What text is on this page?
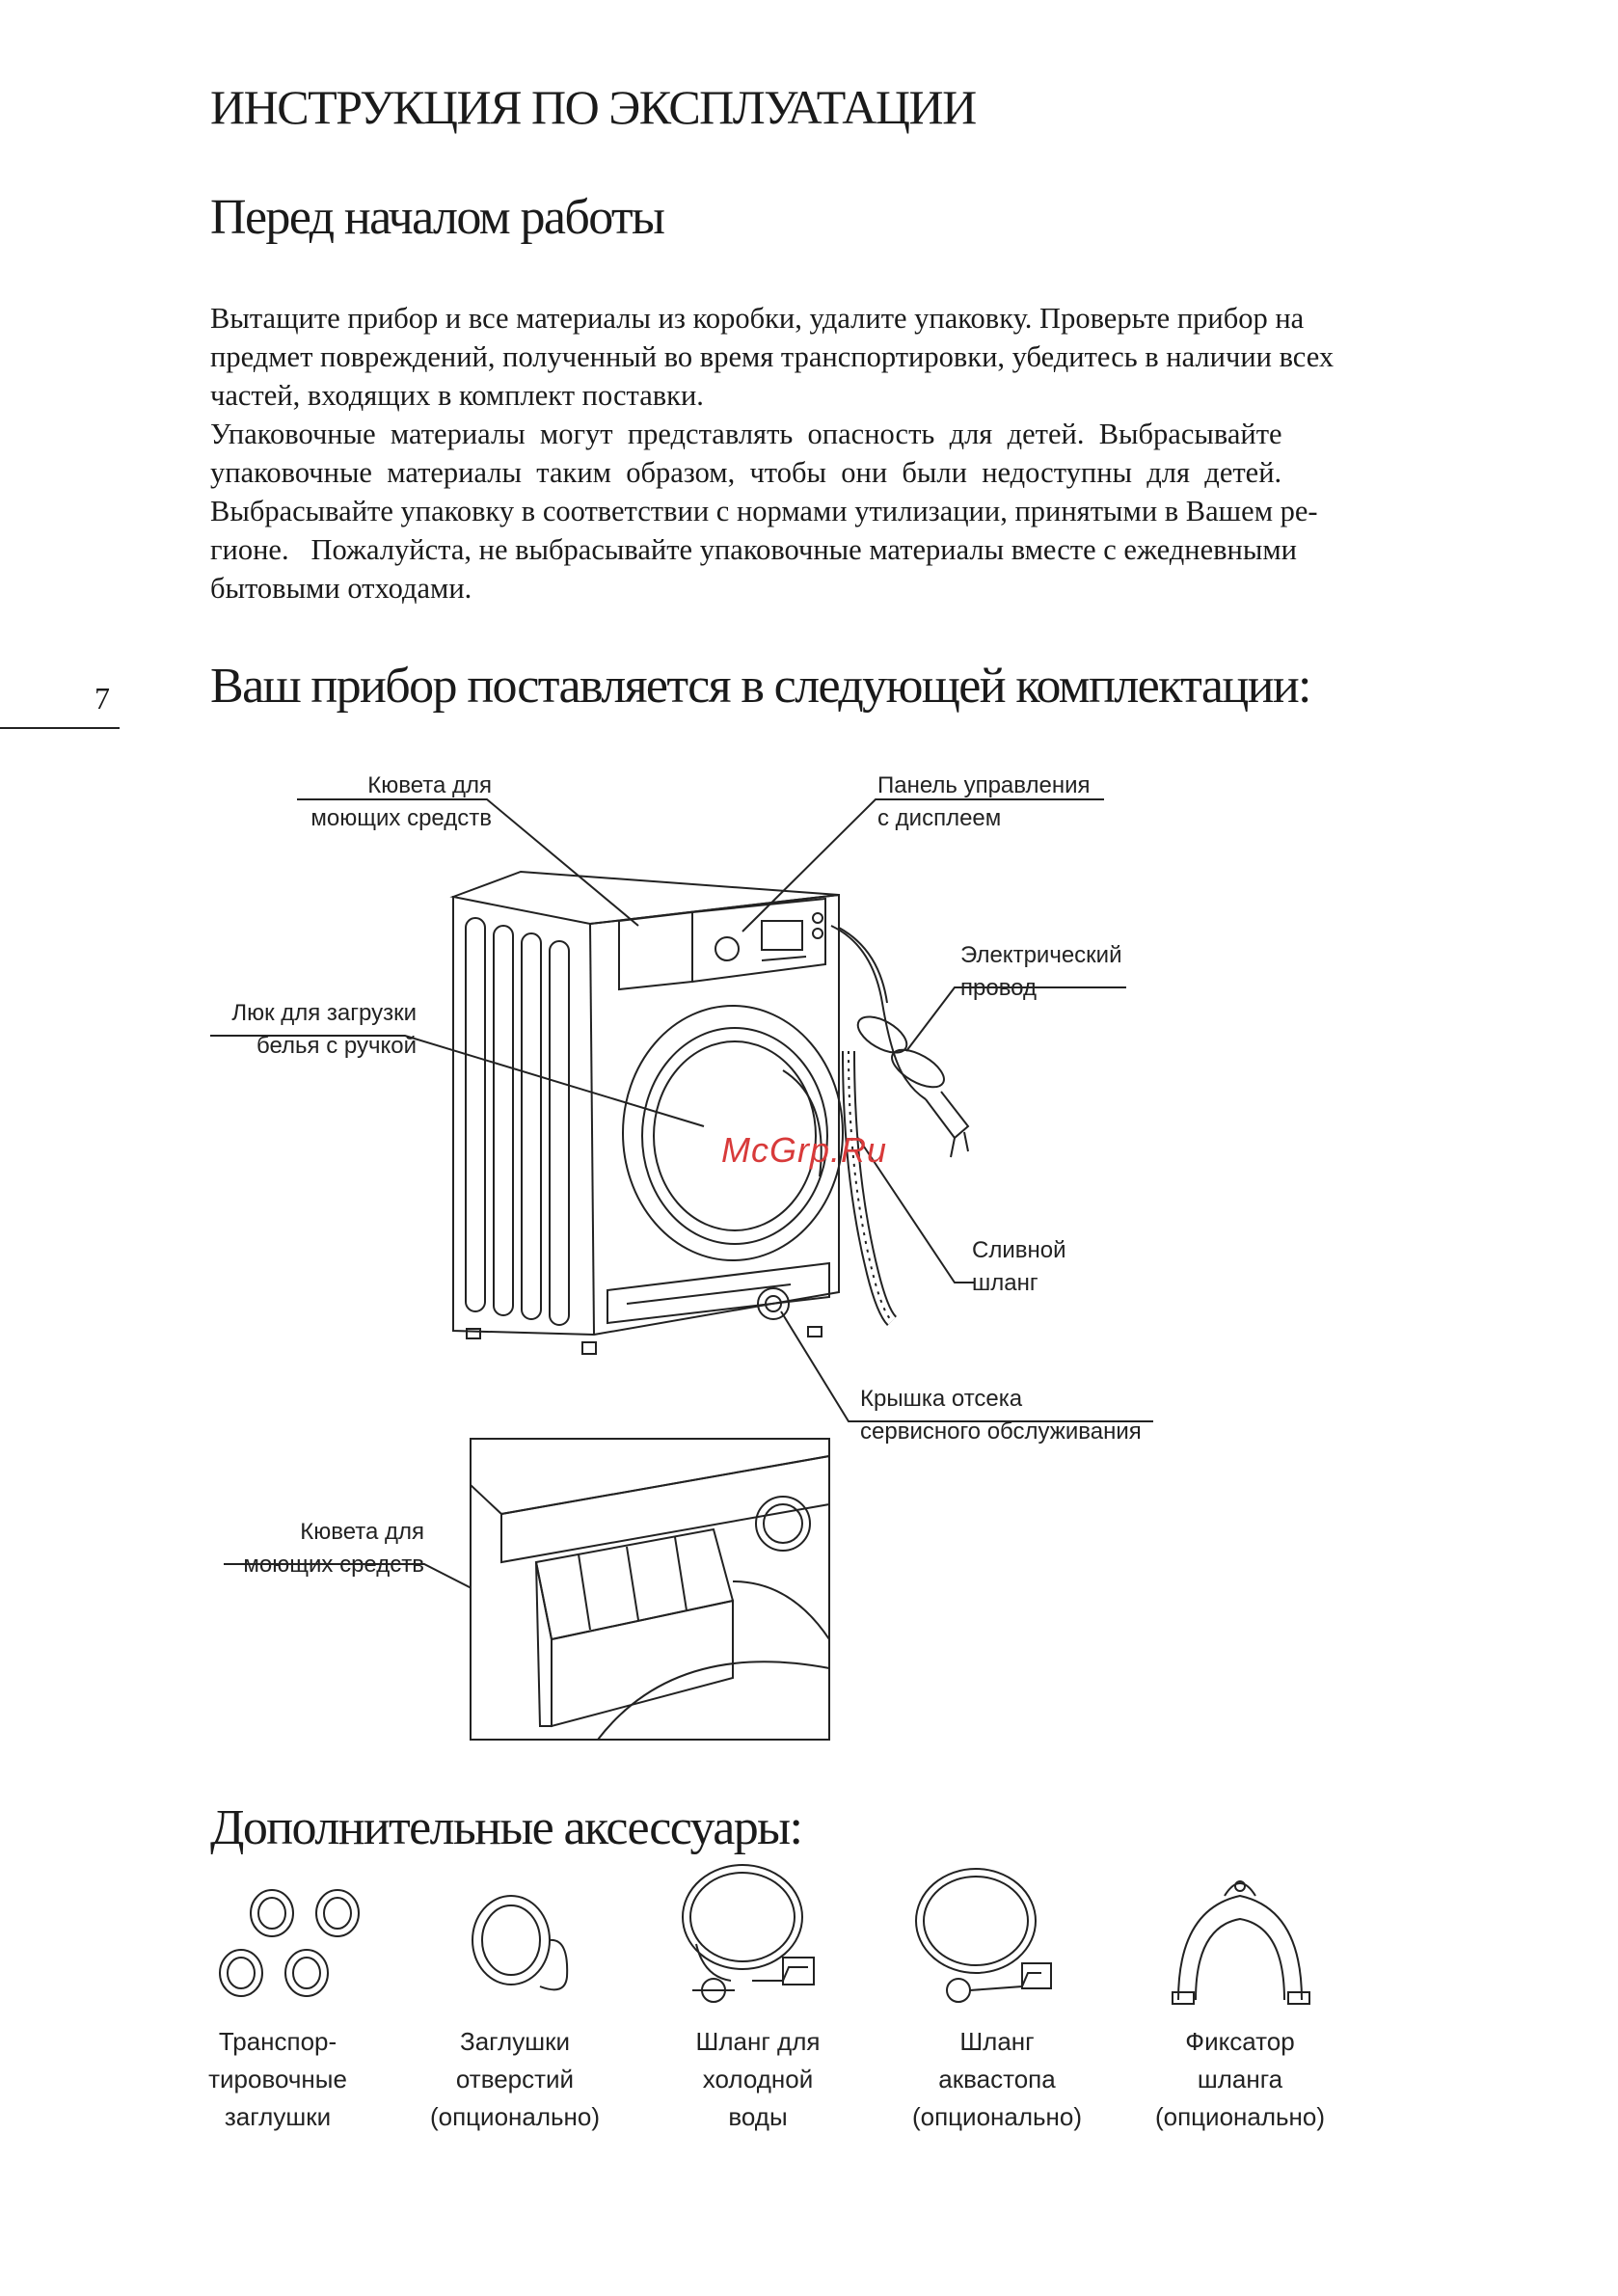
ИНСТРУКЦИЯ ПО ЭКСПЛУАТАЦИИ
Перед началом работы

Вытащите прибор и все материалы из коробки, удалите упаковку. Проверьте прибор на

предмет повреждений, полученный во время транспортировки, убедитесь в наличии всех

частей, входящих в комплект поставки.

Упаковочные  материалы  могут  представлять  опасность  для  детей.  Выбрасывайте

упаковочные  материалы  таким  образом,  чтобы  они  были  недоступны  для  детей.

Выбрасывайте упаковку в соответствии с нормами утилизации, принятыми в Вашем ре-

гионе.   Пожалуйста, не выбрасывайте упаковочные материалы вместе с ежедневными

бытовыми отходами.

7 Ваш прибор поставляется в следующей комплектации:
Кювета для
моющих средств
Панель управления
с дисплеем
Электрический
провод
Люк для загрузки
белья с ручкой
Сливной
шланг
Крышка отсека
сервисного обслуживания
Кювета для
моющих средств
McGrp.Ru
Дополнительные аксессуары:
Транспор-
тировочные
заглушки
Заглушки
отверстий
(опционально)
Шланг для
холодной
воды
Шланг
аквастопа
(опционально)
Фиксатор
шланга
(опционально)
